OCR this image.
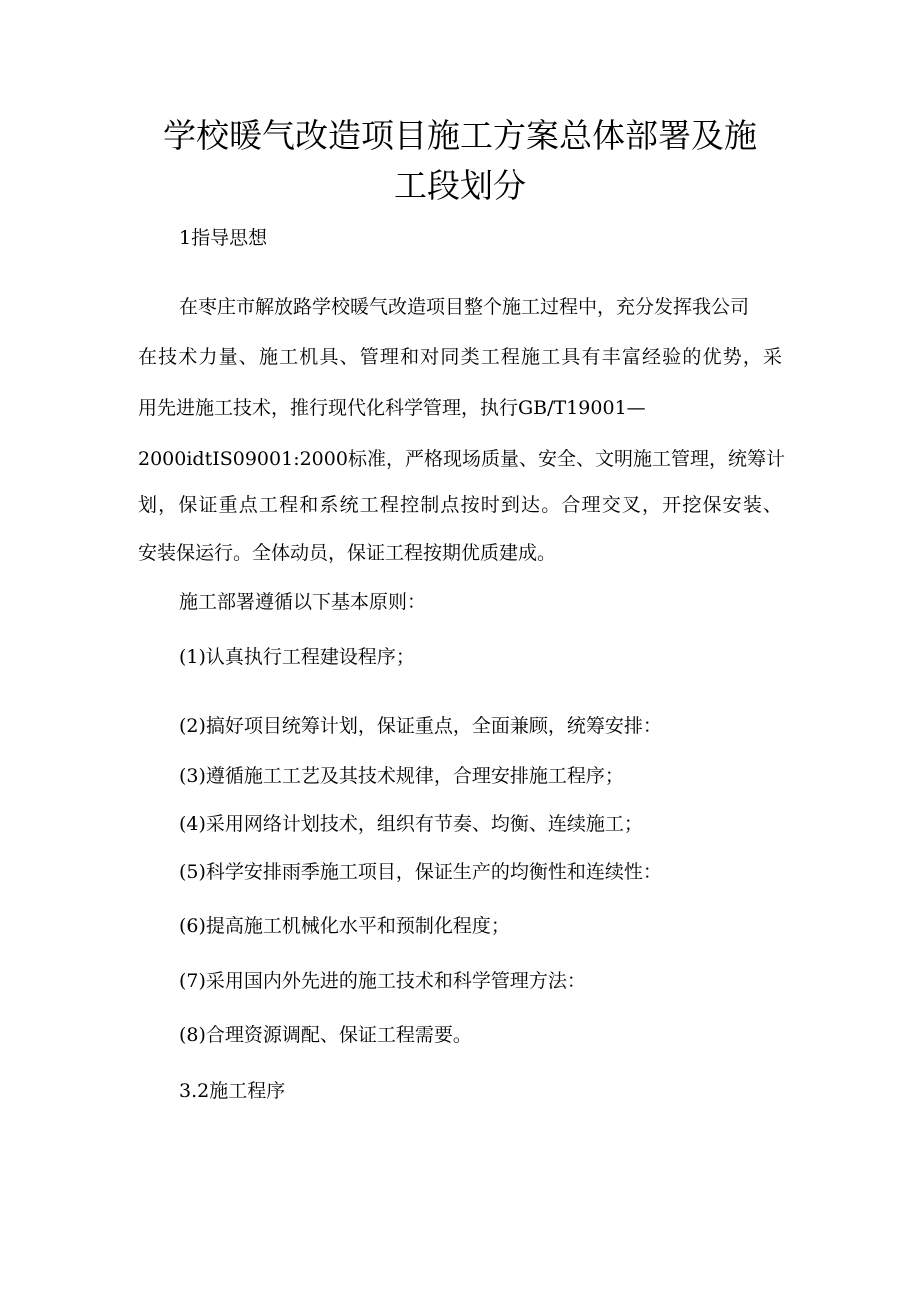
学校暖气改造项目施工方案总体部署及施
工段划分

1指导思想

在枣庄市解放路学校暖气改造项目整个施工过程中，充分发挥我公司

在技术力量、施工机具、管理和对同类工程施工具有丰富经验的优势，采

用先进施工技术，推行现代化科学管理，执行GB/T19001—

2000idtIS09001:2000标准，严格现场质量、安全、文明施工管理，统筹计

划，保证重点工程和系统工程控制点按时到达。合理交叉，开挖保安装、

安装保运行。全体动员，保证工程按期优质建成。

施工部署遵循以下基本原则：

(1)认真执行工程建设程序；

(2)搞好项目统筹计划，保证重点，全面兼顾，统筹安排：

(3)遵循施工工艺及其技术规律，合理安排施工程序；

(4)采用网络计划技术，组织有节奏、均衡、连续施工；

(5)科学安排雨季施工项目，保证生产的均衡性和连续性：

(6)提高施工机械化水平和预制化程度；

(7)采用国内外先进的施工技术和科学管理方法：

(8)合理资源调配、保证工程需要。

3.2施工程序
